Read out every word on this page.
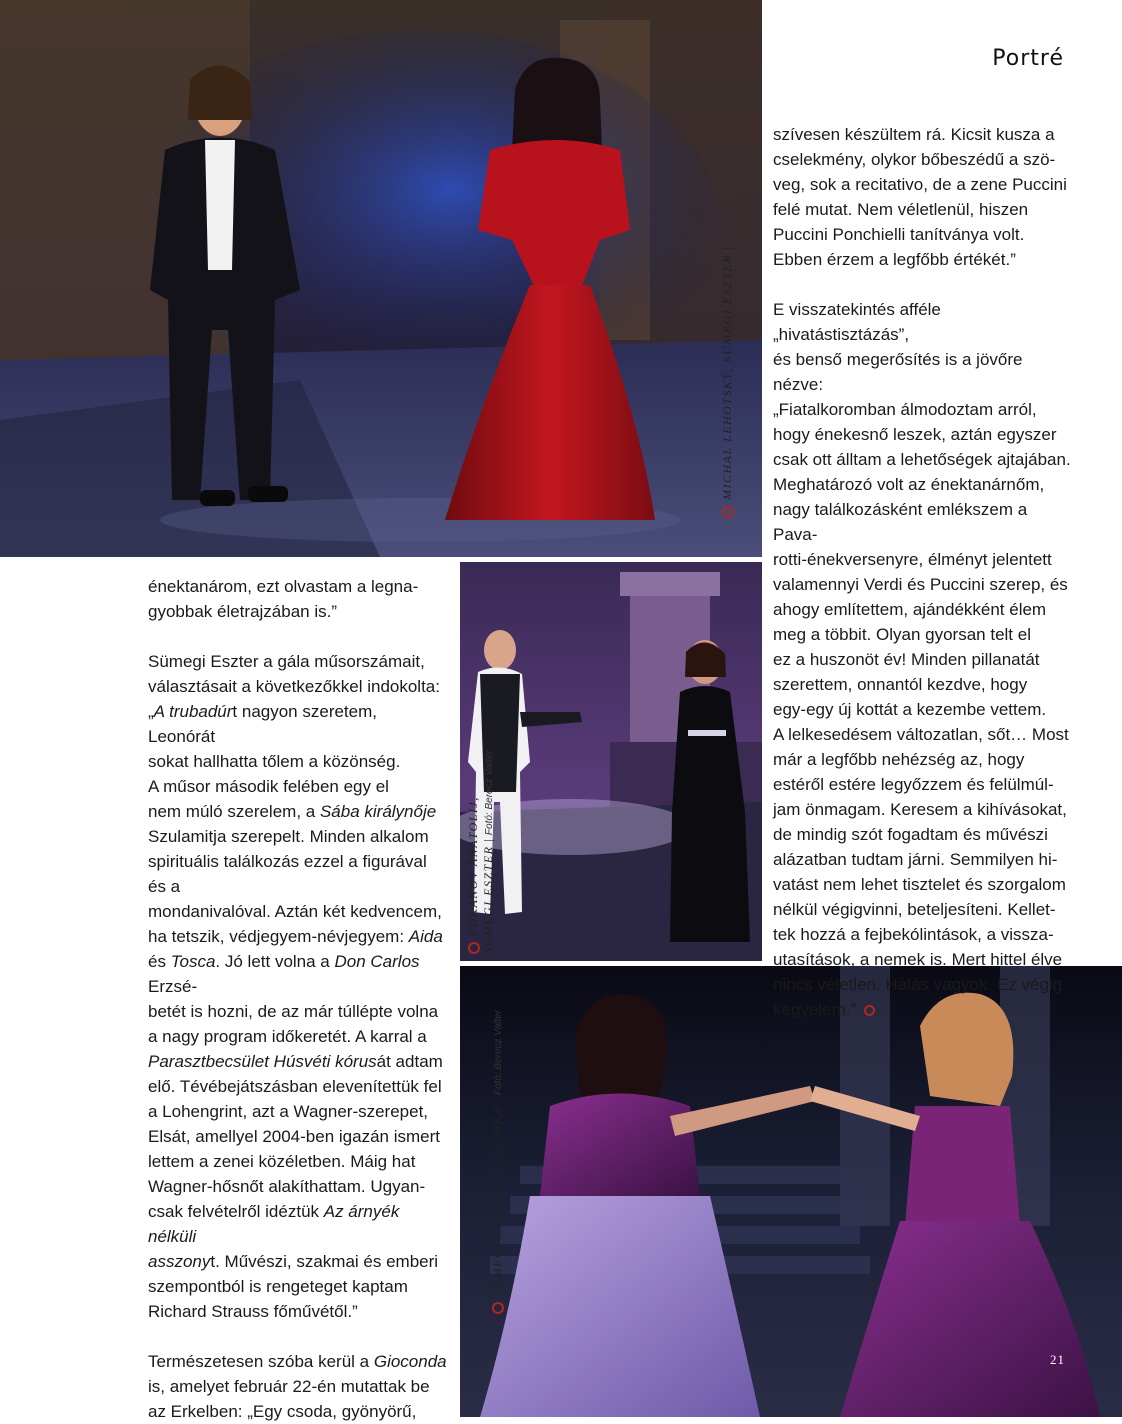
Portré
MICHAL LEHOTSKÝ, SÜMEGI ESZTER|Fotó: Berecz Valter
FOKANOV ANATOLIJ, SÜMEGI ESZTER|Fotó: Berecz Valter
SÜMEGI ESZTER, GÁL ERIKA|Fotó: Berecz Valter
21

énektanárom, ezt olvastam a legna-

gyobbak életrajzában is.”

Sümegi Eszter a gála műsorszámait,

választásait a következőkkel indokolta:

„A trubadúrt nagyon szeretem, Leonórát

sokat hallhatta tőlem a közönség.

A műsor második felében egy el

nem múló szerelem, a Sába királynője

Szulamitja szerepelt. Minden alkalom

spirituális találkozás ezzel a figurával és a

mondanivalóval. Aztán két kedvencem,

ha tetszik, védjegyem-névjegyem: Aida

és Tosca. Jó lett volna a Don Carlos Erzsé-

betét is hozni, de az már túllépte volna

a nagy program időkeretét. A karral a

Parasztbecsület Húsvéti kórusát adtam

elő. Tévébejátszásban elevenítettük fel

a Lohengrint, azt a Wagner-szerepet,

Elsát, amellyel 2004-ben igazán ismert

lettem a zenei közéletben. Máig hat

Wagner-hősnőt alakíthattam. Ugyan-

csak felvételről idéztük Az árnyék nélküli

asszonyt. Művészi, szakmai és emberi

szempontból is rengeteget kaptam

Richard Strauss főművétől.”

Természetesen szóba kerül a Gioconda

is, amelyet február 22-én mutattak be

az Erkelben: „Egy csoda, gyönyörű,

szívesen készültem rá. Kicsit kusza a

cselekmény, olykor bőbeszédű a szö-

veg, sok a recitativo, de a zene Puccini

felé mutat. Nem véletlenül, hiszen

Puccini Ponchielli tanítványa volt.

Ebben érzem a legfőbb értékét.”

E visszatekintés afféle „hivatástisztázás”,

és benső megerősítés is a jövőre nézve:

„Fiatalkoromban álmodoztam arról,

hogy énekesnő leszek, aztán egyszer

csak ott álltam a lehetőségek ajtajában.

Meghatározó volt az énektanárnőm,

nagy találkozásként emlékszem a Pava-

rotti-énekversenyre, élményt jelentett

valamennyi Verdi és Puccini szerep, és

ahogy említettem, ajándékként élem

meg a többit. Olyan gyorsan telt el

ez a huszonöt év! Minden pillanatát

szerettem, onnantól kezdve, hogy

egy-egy új kottát a kezembe vettem.

A lelkesedésem változatlan, sőt… Most

már a legfőbb nehézség az, hogy

estéről estére legyőzzem és felülmúl-

jam önmagam. Keresem a kihívásokat,

de mindig szót fogadtam és művészi

alázatban tudtam járni. Semmilyen hi-

vatást nem lehet tisztelet és szorgalom

nélkül végigvinni, beteljesíteni. Kellet-

tek hozzá a fejbekólintások, a vissza-

utasítások, a nemek is. Mert hittel élve

nincs véletlen. Hálás vagyok. Ez végig

kegyelem.”
